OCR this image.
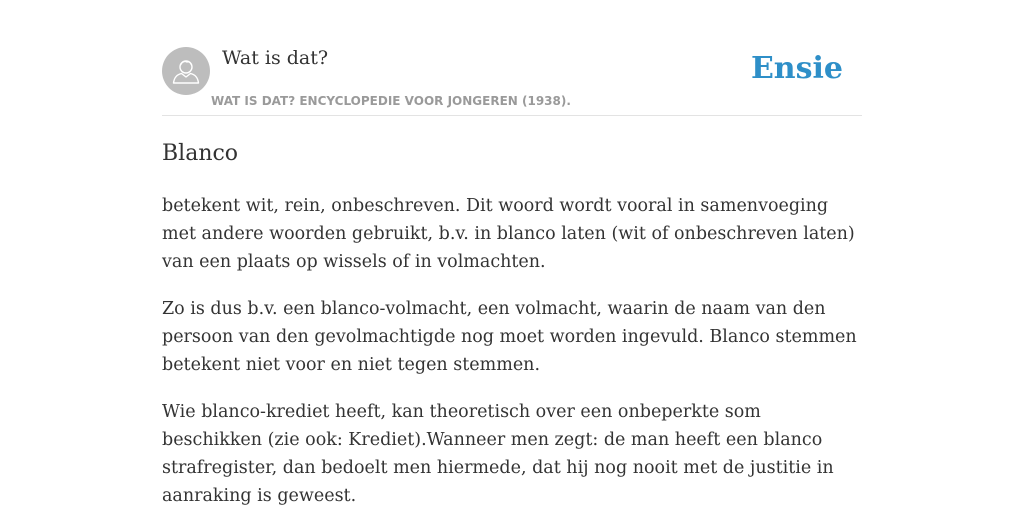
Wat is dat?
WAT IS DAT? ENCYCLOPEDIE VOOR JONGEREN (1938).
Ensie
Blanco

betekent wit, rein, onbeschreven. Dit woord wordt vooral in samenvoeging met andere woorden gebruikt, b.v. in blanco laten (wit of onbeschreven laten) van een plaats op wissels of in volmachten.

Zo is dus b.v. een blanco-volmacht, een volmacht, waarin de naam van den persoon van den gevolmachtigde nog moet worden ingevuld. Blanco stemmen betekent niet voor en niet tegen stemmen.

Wie blanco-krediet heeft, kan theoretisch over een onbeperkte som beschikken (zie ook: Krediet).Wanneer men zegt: de man heeft een blanco strafregister, dan bedoelt men hiermede, dat hij nog nooit met de justitie in aanraking is geweest.
